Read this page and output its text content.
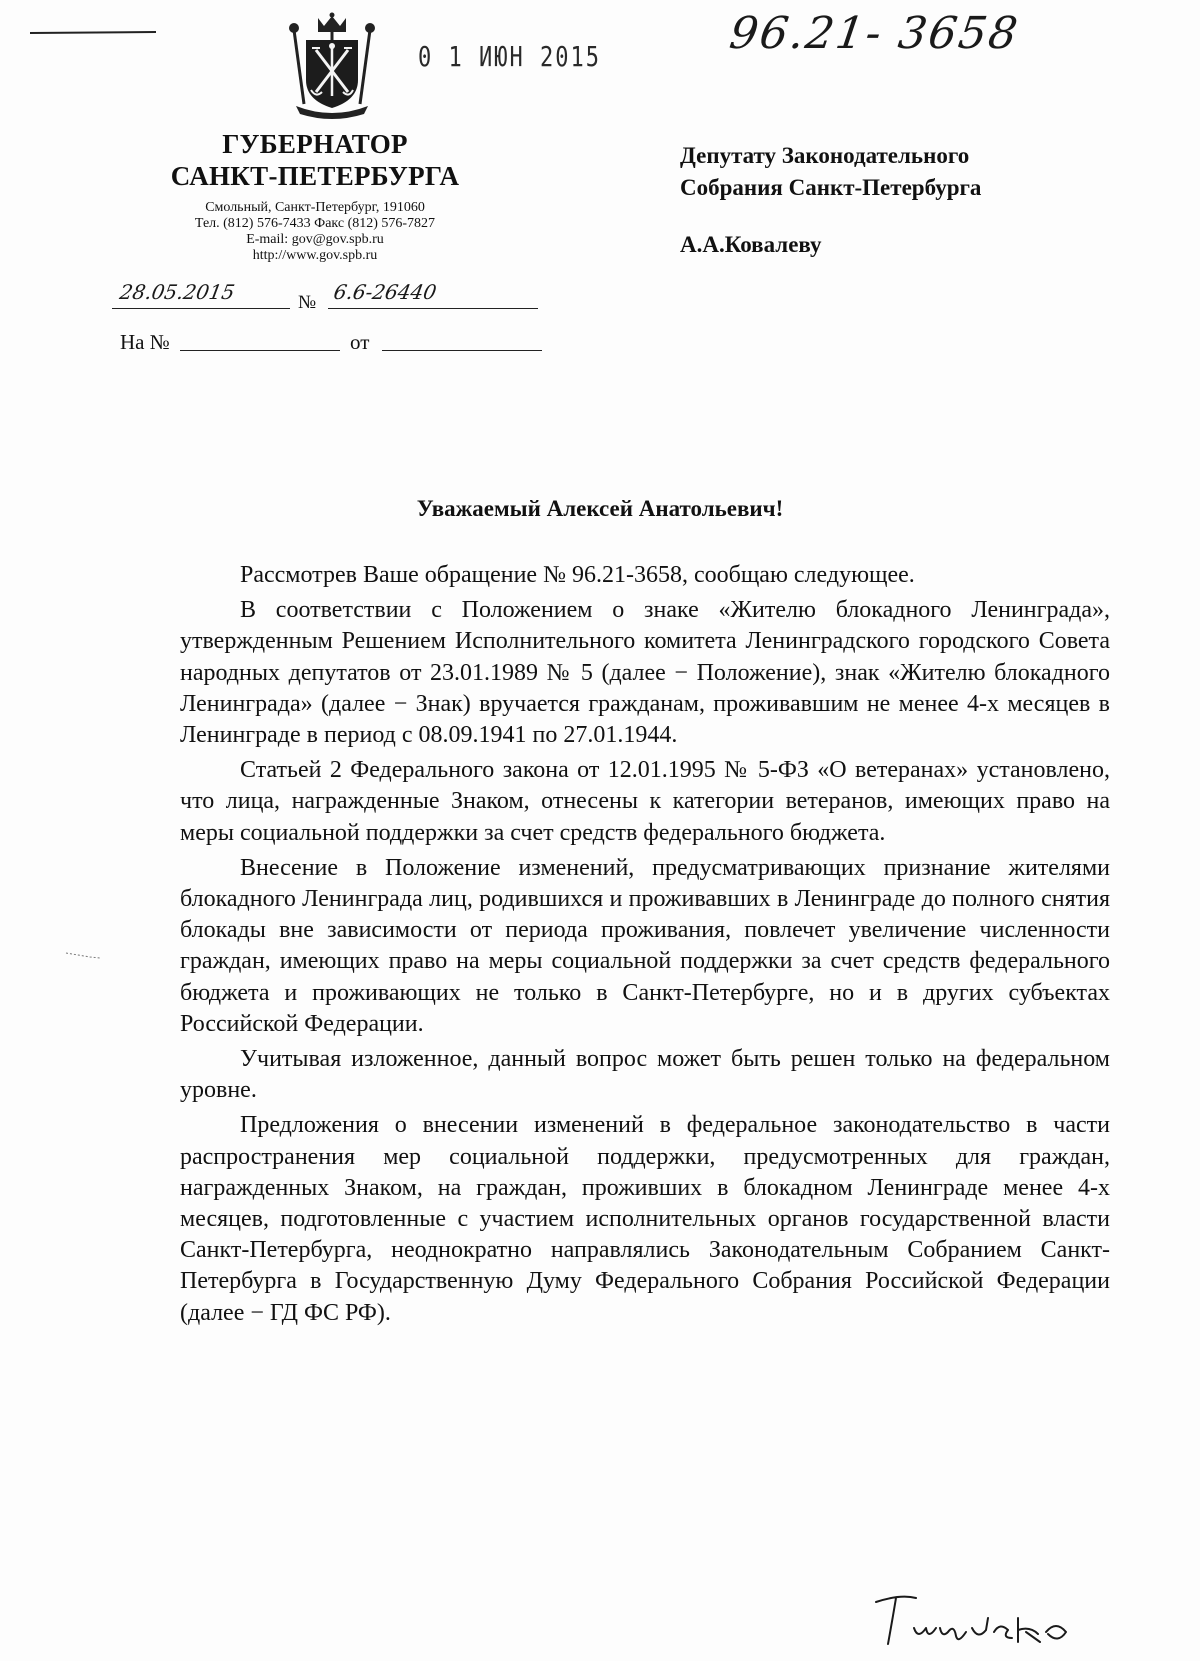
0 1 ИЮН 2015	96.21- 3658
ГУБЕРНАТОР
САНКТ-ПЕТЕРБУРГА
Смольный, Санкт-Петербург, 191060
Тел. (812) 576-7433 Факс (812) 576-7827
E-mail: gov@gov.spb.ru
http://www.gov.spb.ru
28.05.2015	№ 6.6-26440
На №	от
Депутату Законодательного
Собрания Санкт-Петербурга
А.А.Ковалеву
Уважаемый Алексей Анатольевич!

Рассмотрев Ваше обращение № 96.21-3658, сообщаю следующее.

В соответствии с Положением о знаке «Жителю блокадного Ленинграда», утвержденным Решением Исполнительного комитета Ленинградского городского Совета народных депутатов от 23.01.1989 № 5 (далее − Положение), знак «Жителю блокадного Ленинграда» (далее − Знак) вручается гражданам, проживавшим не менее 4-х месяцев в Ленинграде в период с 08.09.1941 по 27.01.1944.

Статьей 2 Федерального закона от 12.01.1995 № 5-ФЗ «О ветеранах» установлено, что лица, награжденные Знаком, отнесены к категории ветеранов, имеющих право на меры социальной поддержки за счет средств федерального бюджета.

Внесение в Положение изменений, предусматривающих признание жителями блокадного Ленинграда лиц, родившихся и проживавших в Ленинграде до полного снятия блокады вне зависимости от периода проживания, повлечет увеличение численности граждан, имеющих право на меры социальной поддержки за счет средств федерального бюджета и проживающих не только в Санкт-Петербурге, но и в других субъектах Российской Федерации.

Учитывая изложенное, данный вопрос может быть решен только на федеральном уровне.

Предложения о внесении изменений в федеральное законодательство в части распространения мер социальной поддержки, предусмотренных для граждан, награжденных Знаком, на граждан, проживших в блокадном Ленинграде менее 4-х месяцев, подготовленные с участием исполнительных органов государственной власти Санкт-Петербурга, неоднократно направлялись Законодательным Собранием Санкт-Петербурга в Государственную Думу Федерального Собрания Российской Федерации (далее − ГД ФС РФ).
